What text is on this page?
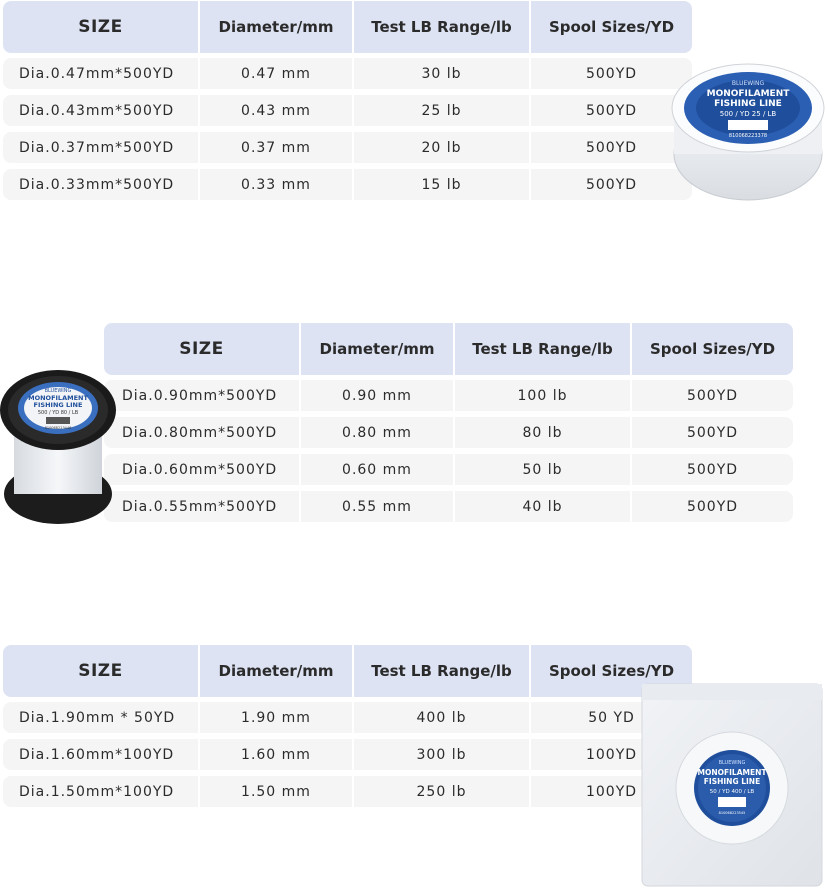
SIZE	Diameter/mm	Test LB Range/lb	Spool Sizes/YD
Dia.0.47mm*500YD	0.47 mm	30 lb	500YD
Dia.0.43mm*500YD	0.43 mm	25 lb	500YD
Dia.0.37mm*500YD	0.37 mm	20 lb	500YD
Dia.0.33mm*500YD	0.33 mm	15 lb	500YD
BLUEWING
MONOFILAMENT
FISHING LINE
500 / YD 25 / LB
810068223378
SIZE	Diameter/mm	Test LB Range/lb	Spool Sizes/YD
Dia.0.90mm*500YD	0.90 mm	100 lb	500YD
Dia.0.80mm*500YD	0.80 mm	80 lb	500YD
Dia.0.60mm*500YD	0.60 mm	50 lb	500YD
Dia.0.55mm*500YD	0.55 mm	40 lb	500YD
BLUEWING
MONOFILAMENT
FISHING LINE
500 / YD 80 / LB
810068223446
SIZE	Diameter/mm	Test LB Range/lb	Spool Sizes/YD
Dia.1.90mm * 50YD	1.90 mm	400 lb	50 YD
Dia.1.60mm*100YD	1.60 mm	300 lb	100YD
Dia.1.50mm*100YD	1.50 mm	250 lb	100YD
BLUEWING
MONOFILAMENT
FISHING LINE
50 / YD 400 / LB
810068223545
